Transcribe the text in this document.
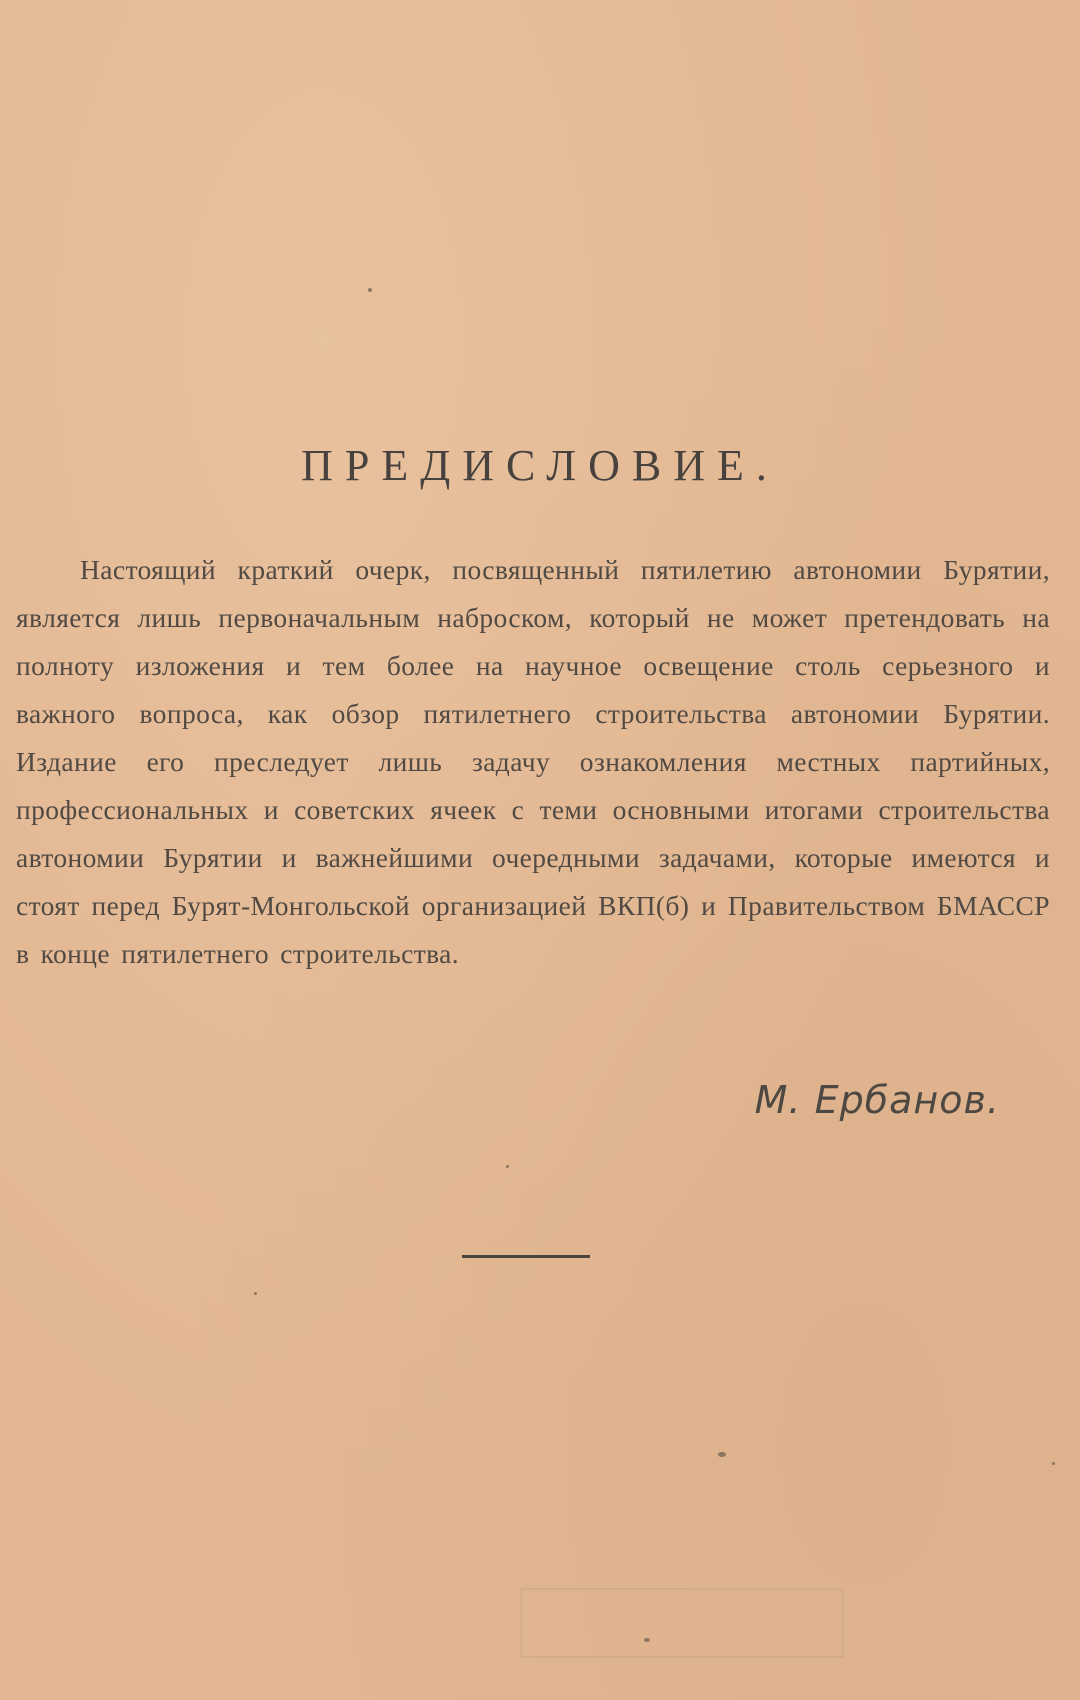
ПРЕДИСЛОВИЕ.

Настоящий краткий очерк, посвященный пятилетию автономии Бурятии, является лишь первоначальным наброском, который не может претендовать на полноту изложения и тем более на научное освещение столь серьезного и важного вопроса, как обзор пятилетнего строительства автономии Бурятии. Издание его преследует лишь задачу ознакомления местных партийных, профессиональных и советских ячеек с теми основными итогами строительства автономии Бурятии и важнейшими очередными задачами, которые имеются и стоят перед Бурят-Монгольской организацией ВКП(б) и Правительством БМАССР в конце пятилетнего строительства.

М. Ербанов.
